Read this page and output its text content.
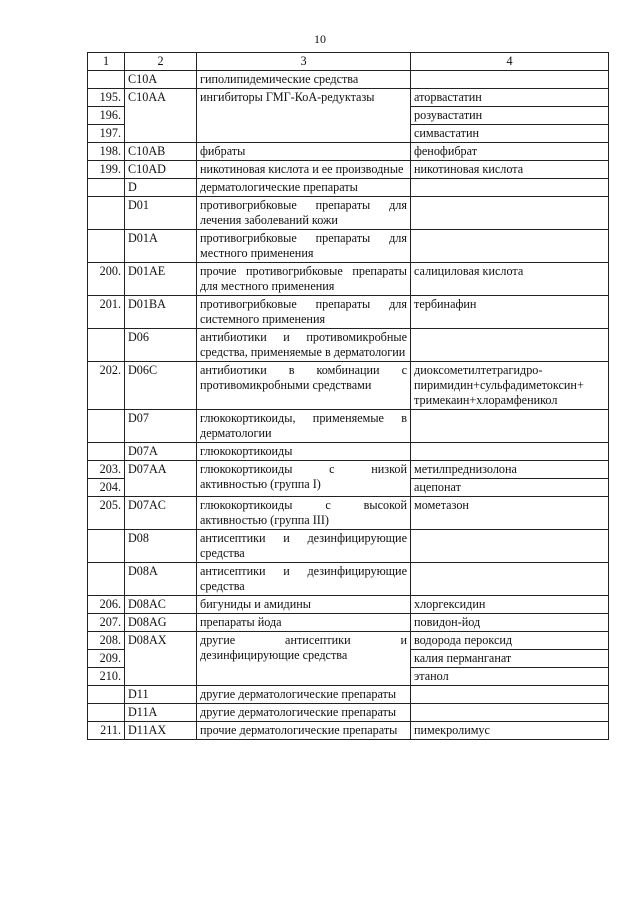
10
1	2	3	4
	C10A	гиполипидемические средства	
195.	C10AA	ингибиторы ГМГ-КоА-редуктазы	аторвастатин
196.			розувастатин
197.			симвастатин
198.	C10AB	фибраты	фенофибрат
199.	C10AD	никотиновая кислота и ее производные	никотиновая кислота
	D	дерматологические препараты	
	D01	противогрибковые препараты для лечения заболеваний кожи	
	D01A	противогрибковые препараты для местного применения	
200.	D01AE	прочие противогрибковые препараты для местного применения	салициловая кислота
201.	D01BA	противогрибковые препараты для системного применения	тербинафин
	D06	антибиотики и противомикробные средства, применяемые в дерматологии	
202.	D06C	антибиотики в комбинации с противомикробными средствами	диоксометилтетрагидро-пиримидин+сульфадиметоксин+ тримекаин+хлорамфеникол
	D07	глюкокортикоиды, применяемые в дерматологии	
	D07A	глюкокортикоиды	
203.	D07AA	глюкокортикоиды с низкой активностью (группа I)	метилпреднизолона
204.			ацепонат
205.	D07AC	глюкокортикоиды с высокой активностью (группа III)	мометазон
	D08	антисептики и дезинфицирующие средства	
	D08A	антисептики и дезинфицирующие средства	
206.	D08AC	бигуниды и амидины	хлоргексидин
207.	D08AG	препараты йода	повидон-йод
208.	D08AX	другие антисептики и дезинфицирующие средства	водорода пероксид
209.			калия перманганат
210.			этанол
	D11	другие дерматологические препараты	
	D11A	другие дерматологические препараты	
211.	D11AX	прочие дерматологические препараты	пимекролимус
